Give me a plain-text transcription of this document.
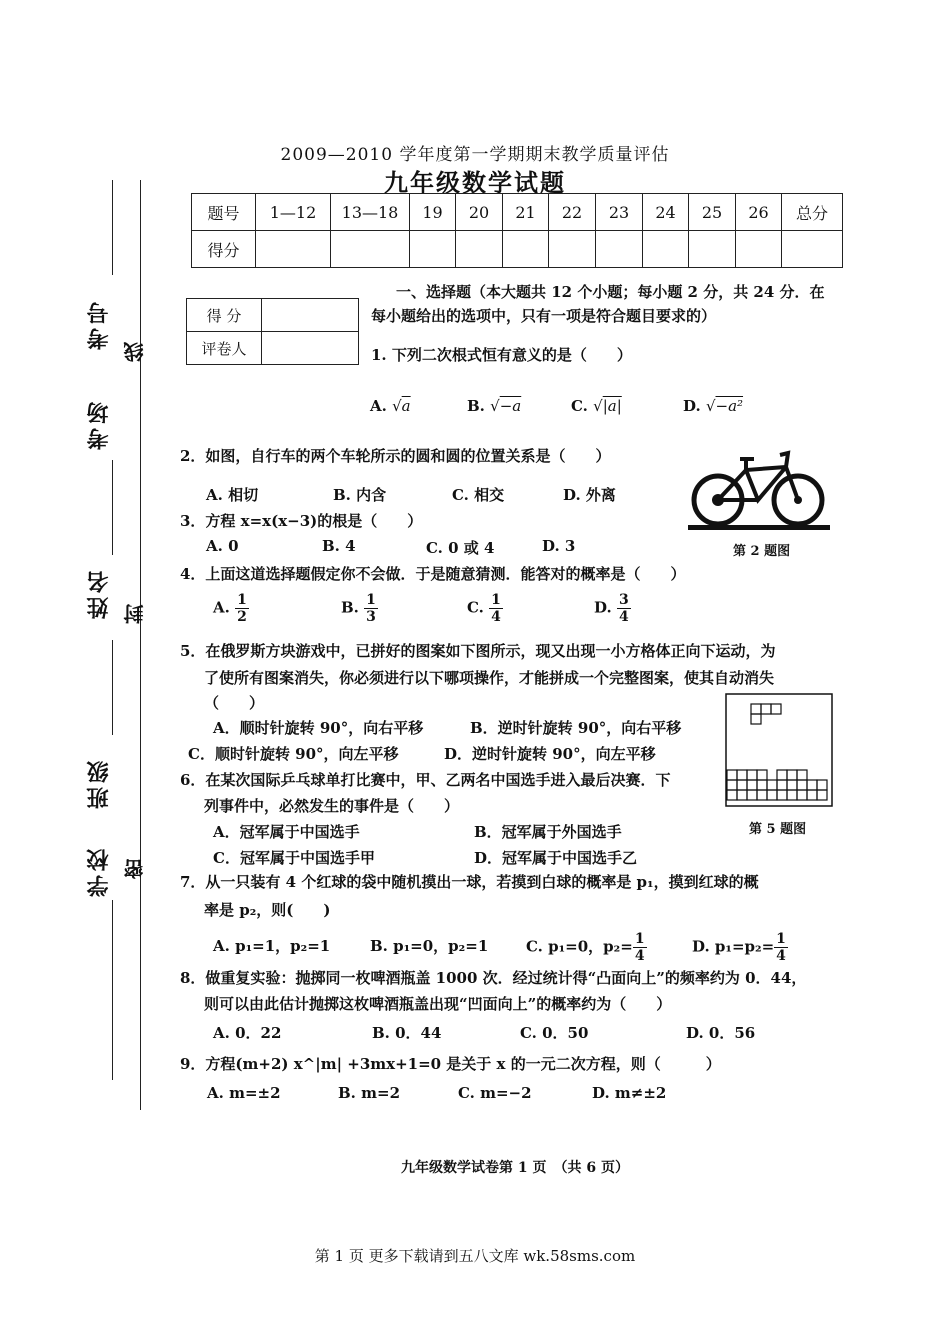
考号 线
考场
姓名 封
班级
学校 密
2009—2010 学年度第一学期期末教学质量评估
九年级数学试题
题号	1—12	13—18	19	20	21	22	23	24	25	26	总分
得分											
得 分	
评卷人	
一、选择题（本大题共 12 个小题；每小题 2 分，共 24 分．在
每小题给出的选项中，只有一项是符合题目要求的）
1. 下列二次根式恒有意义的是（　　）
A. √a	B. √−a	C. √|a|	D. √−a²
2．如图，自行车的两个车轮所示的圆和圆的位置关系是（　　）
A. 相切	B. 内含	C. 相交	D. 外离
第 2 题图
3．方程 x=x(x−3)的根是（　　）
A. 0	B. 4	C. 0 或 4	D. 3
4．上面这道选择题假定你不会做．于是随意猜测．能答对的概率是（　　）
A. $\frac{1}{2}$	B. $\frac{1}{3}$	C. $\frac{1}{4}$	D. $\frac{3}{4}$
5．在俄罗斯方块游戏中，已拼好的图案如下图所示，现又出现一小方格体正向下运动，为
了使所有图案消失，你必须进行以下哪项操作，才能拼成一个完整图案，使其自动消失
（　　）
A．顺时针旋转 90°，向右平移	B．逆时针旋转 90°，向右平移
C．顺时针旋转 90°，向左平移	D．逆时针旋转 90°，向左平移
第 5 题图
6．在某次国际乒乓球单打比赛中，甲、乙两名中国选手进入最后决赛．下
列事件中，必然发生的事件是（　　）
A．冠军属于中国选手	B．冠军属于外国选手
C．冠军属于中国选手甲	D．冠军属于中国选手乙
7．从一只装有 4 个红球的袋中随机摸出一球，若摸到白球的概率是 p₁，摸到红球的概
率是 p₂，则(　　)
A. p₁=1，p₂=1	B. p₁=0，p₂=1	C. p₁=0，$p_2= \frac{1}{4}$	D. $p_1=p_2= \frac{1}{4}$
8．做重复实验：抛掷同一枚啤酒瓶盖 1000 次．经过统计得“凸面向上”的频率约为 0．44，
则可以由此估计抛掷这枚啤酒瓶盖出现“凹面向上”的概率约为（　　）
A. 0．22	B. 0．44	C. 0．50	D. 0．56
9．方程(m+2) x^|m| +3mx+1=0 是关于 x 的一元二次方程，则（　　　）
A. m=±2	B. m=2	C. m=−2	D. m≠±2
九年级数学试卷第 1 页　（共 6 页）
第 1 页 更多下载请到五八文库 wk.58sms.com
